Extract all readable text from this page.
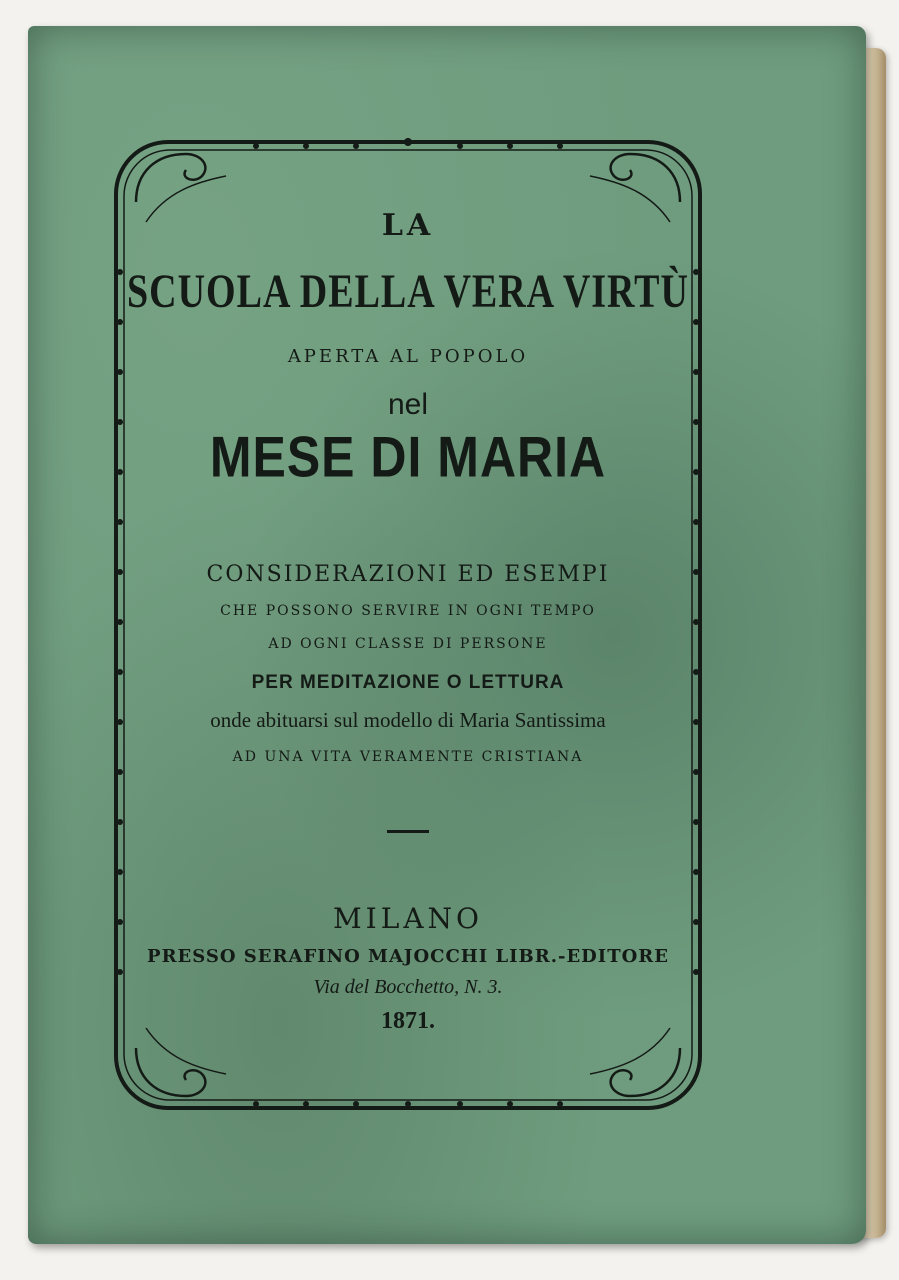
LA
SCUOLA DELLA VERA VIRTÙ
APERTA AL POPOLO
nel
MESE DI MARIA
CONSIDERAZIONI ED ESEMPI
CHE POSSONO SERVIRE IN OGNI TEMPO
AD OGNI CLASSE DI PERSONE
PER MEDITAZIONE O LETTURA
onde abituarsi sul modello di Maria Santissima
AD UNA VITA VERAMENTE CRISTIANA
MILANO
PRESSO SERAFINO MAJOCCHI LIBR.-EDITORE
Via del Bocchetto, N. 3.
1871.
